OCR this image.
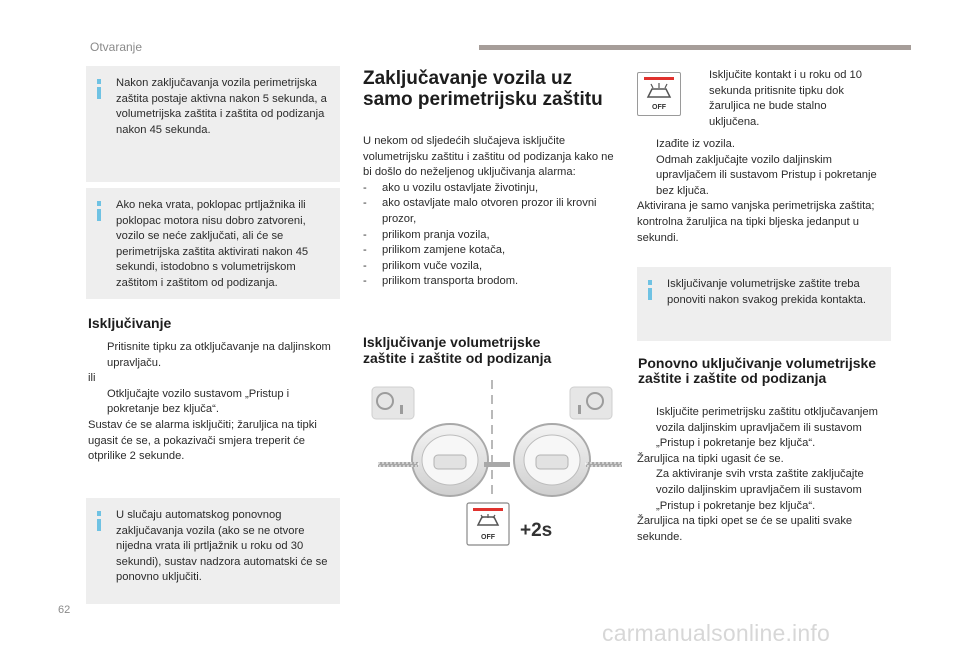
Otvaranje
Nakon zaključavanja vozila perimetrijska zaštita postaje aktivna nakon 5 sekunda, a volumetrijska zaštita i zaštita od podizanja nakon 45 sekunda.
Ako neka vrata, poklopac prtljažnika ili poklopac motora nisu dobro zatvoreni, vozilo se neće zaključati, ali će se perimetrijska zaštita aktivirati nakon 45 sekundi, istodobno s volumetrijskom zaštitom i zaštitom od podizanja.
Isključivanje

Pritisnite tipku za otključavanje na daljinskom upravljaču.

ili

Otključajte vozilo sustavom „Pristup i pokretanje bez ključa“.

Sustav će se alarma isključiti; žaruljica na tipki ugasit će se, a pokazivači smjera treperit će otprilike 2 sekunde.

U slučaju automatskog ponovnog zaključavanja vozila (ako se ne otvore nijedna vrata ili prtljažnik u roku od 30 sekundi), sustav nadzora automatski će se ponovno uključiti.
Zaključavanje vozila uz
samo perimetrijsku zaštitu

U nekom od sljedećih slučajeva isključite volumetrijsku zaštitu i zaštitu od podizanja kako ne bi došlo do neželjenog uključivanja alarma:

- ako u vozilu ostavljate životinju,

- ako ostavljate malo otvoren prozor ili krovni prozor,

- prilikom pranja vozila,

- prilikom zamjene kotača,

- prilikom vuče vozila,

- prilikom transporta brodom.

Isključivanje volumetrijske
zaštite i zaštite od podizanja
OFF +2s
OFF

Isključite kontakt i u roku od 10 sekunda pritisnite tipku dok žaruljica ne bude stalno uključena.

Izađite iz vozila.

Odmah zaključajte vozilo daljinskim upravljačem ili sustavom Pristup i pokretanje bez ključa.

Aktivirana je samo vanjska perimetrijska zaštita; kontrolna žaruljica na tipki bljeska jedanput u sekundi.

Isključivanje volumetrijske zaštite treba ponoviti nakon svakog prekida kontakta.
Ponovno uključivanje volumetrijske zaštite i zaštite od podizanja

Isključite perimetrijsku zaštitu otključavanjem vozila daljinskim upravljačem ili sustavom „Pristup i pokretanje bez ključa“.

Žaruljica na tipki ugasit će se.

Za aktiviranje svih vrsta zaštite zaključajte vozilo daljinskim upravljačem ili sustavom „Pristup i pokretanje bez ključa“.

Žaruljica na tipki opet se će se upaliti svake sekunde.

62
carmanualsonline.info
